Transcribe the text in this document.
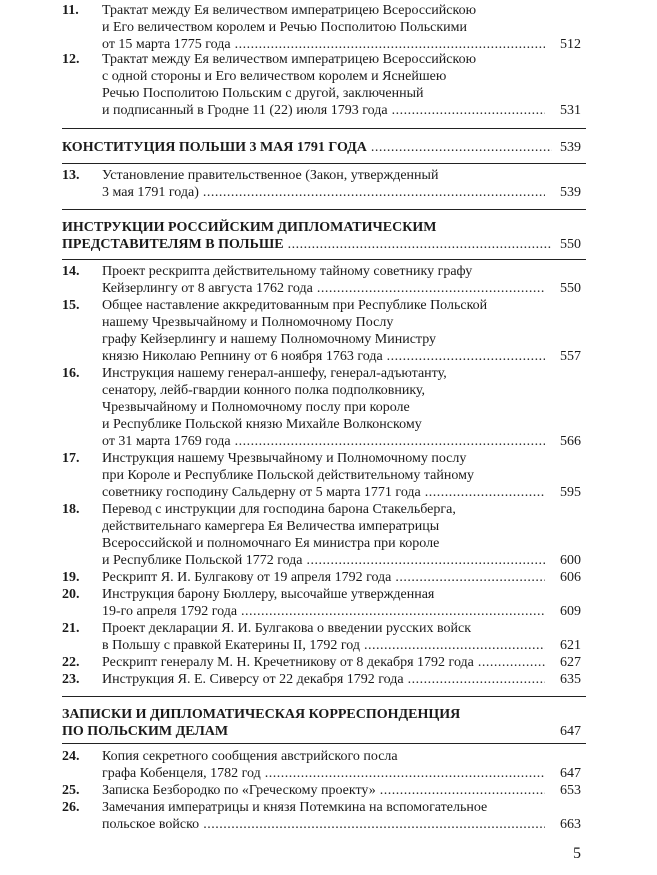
11.	Трактат между Ея величеством императрицею Всероссийскою
и Его величеством королем и Речью Посполитою Польскими
от 15 марта 1775 года .....	512
12.	Трактат между Ея величеством императрицею Всероссийскою
с одной стороны и Его величеством королем и Яснейшею
Речью Посполитою Польским с другой, заключенный
и подписанный в Гродне 11 (22) июля 1793 года .....	531
КОНСТИТУЦИЯ ПОЛЬШИ 3 МАЯ 1791 ГОДА .....	539
13.	Установление правительственное (Закон, утвержденный
3 мая 1791 года) .....	539
ИНСТРУКЦИИ РОССИЙСКИМ ДИПЛОМАТИЧЕСКИМ
ПРЕДСТАВИТЕЛЯМ В ПОЛЬШЕ .....	550
14.	Проект рескрипта действительному тайному советнику графу
Кейзерлингу от 8 августа 1762 года .....	550
15.	Общее наставление аккредитованным при Республике Польской
нашему Чрезвычайному и Полномочному Послу
графу Кейзерлингу и нашему Полномочному Министру
князю Николаю Репнину от 6 ноября 1763 года .....	557
16.	Инструкция нашему генерал-аншефу, генерал-адъютанту,
сенатору, лейб-гвардии конного полка подполковнику,
Чрезвычайному и Полномочному послу при короле
и Республике Польской князю Михайле Волконскому
от 31 марта 1769 года .....	566
17.	Инструкция нашему Чрезвычайному и Полномочному послу
при Короле и Республике Польской действительному тайному
советнику господину Сальдерну от 5 марта 1771 года .....	595
18.	Перевод с инструкции для господина барона Стакельберга,
действительнаго камергера Ея Величества императрицы
Всероссийской и полномочнаго Ея министра при короле
и Республике Польской 1772 года .....	600
19.	Рескрипт Я. И. Булгакову от 19 апреля 1792 года .....	606
20.	Инструкция барону Бюллеру, высочайше утвержденная
19-го апреля 1792 года .....	609
21.	Проект декларации Я. И. Булгакова о введении русских войск
в Польшу с правкой Екатерины II, 1792 год .....	621
22.	Рескрипт генералу М. Н. Кречетникову от 8 декабря 1792 года .....	627
23.	Инструкция Я. Е. Сиверсу от 22 декабря 1792 года .....	635
ЗАПИСКИ И ДИПЛОМАТИЧЕСКАЯ КОРРЕСПОНДЕНЦИЯ
ПО ПОЛЬСКИМ ДЕЛАМ	647
24.	Копия секретного сообщения австрийского посла
графа Кобенцеля, 1782 год .....	647
25.	Записка Безбородко по «Греческому проекту» .....	653
26.	Замечания императрицы и князя Потемкина на вспомогательное
польское войско .....	663
5
